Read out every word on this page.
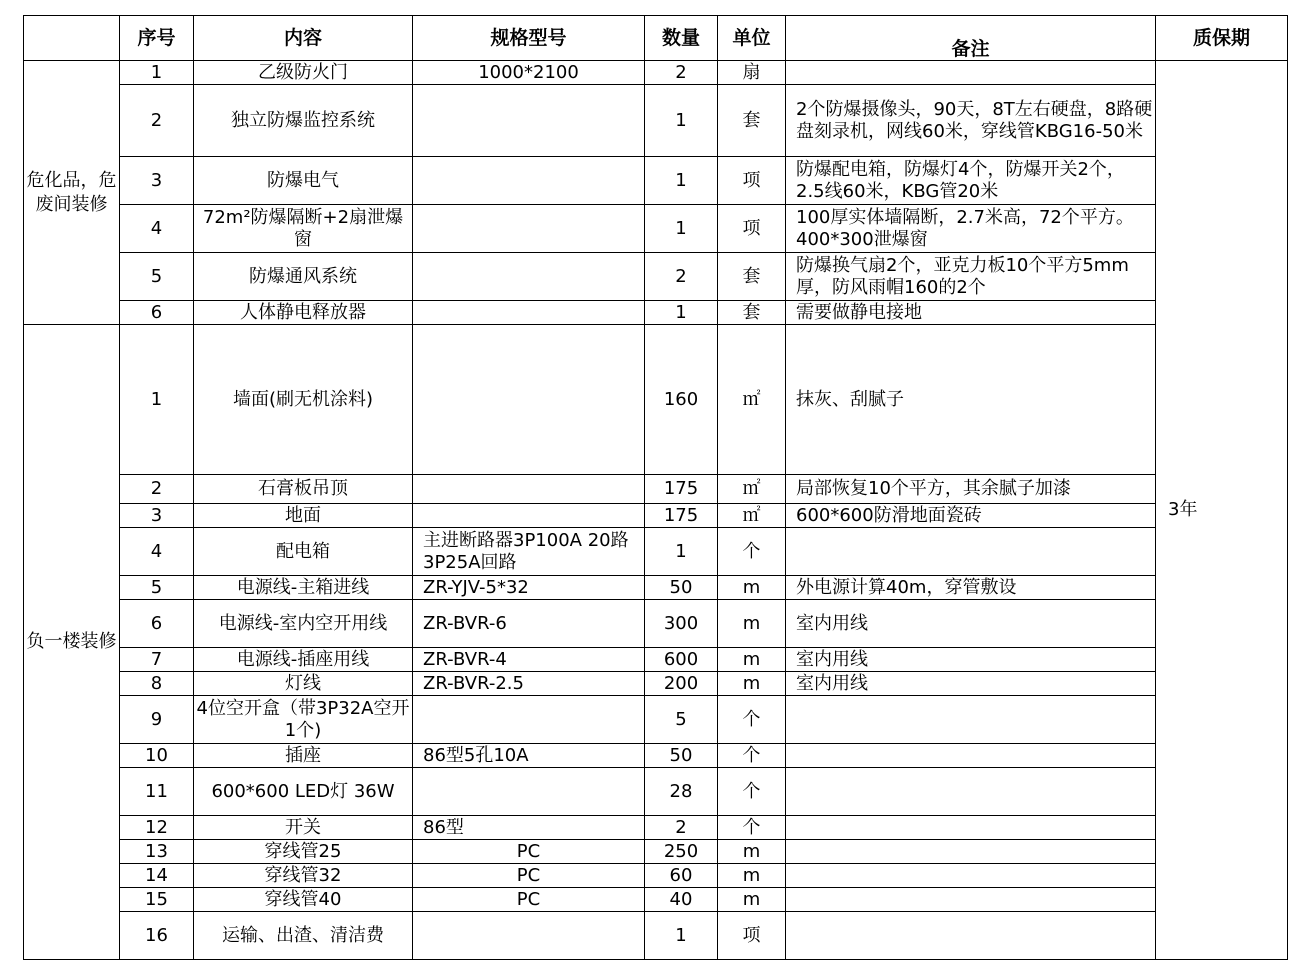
	序号	内容	规格型号	数量	单位	备注	质保期
危化品，危废间装修	1	乙级防火门	1000*2100	2	扇		3年
	2	独立防爆监控系统		1	套	2个防爆摄像头，90天，8T左右硬盘，8路硬盘刻录机，网线60米，穿线管KBG16-50米	
	3	防爆电气		1	项	防爆配电箱，防爆灯4个，防爆开关2个，2.5线60米，KBG管20米	
	4	72m²防爆隔断+2扇泄爆窗		1	项	100厚实体墙隔断，2.7米高，72个平方。400*300泄爆窗	
	5	防爆通风系统		2	套	防爆换气扇2个，亚克力板10个平方5mm厚，防风雨帽160的2个	
	6	人体静电释放器		1	套	需要做静电接地	
负一楼装修	1	墙面(刷无机涂料)		160	㎡	抹灰、刮腻子	
	2	石膏板吊顶		175	㎡	局部恢复10个平方，其余腻子加漆	
	3	地面		175	㎡	600*600防滑地面瓷砖	
	4	配电箱	主进断路器3P100A 20路3P25A回路	1	个		
	5	电源线-主箱进线	ZR-YJV-5*32	50	m	外电源计算40m，穿管敷设	
	6	电源线-室内空开用线	ZR-BVR-6	300	m	室内用线	
	7	电源线-插座用线	ZR-BVR-4	600	m	室内用线	
	8	灯线	ZR-BVR-2.5	200	m	室内用线	
	9	4位空开盒（带3P32A空开1个)		5	个		
	10	插座	86型5孔10A	50	个		
	11	600*600 LED灯 36W		28	个		
	12	开关	86型	2	个		
	13	穿线管25	PC	250	m		
	14	穿线管32	PC	60	m		
	15	穿线管40	PC	40	m		
	16	运输、出渣、清洁费		1	项		
